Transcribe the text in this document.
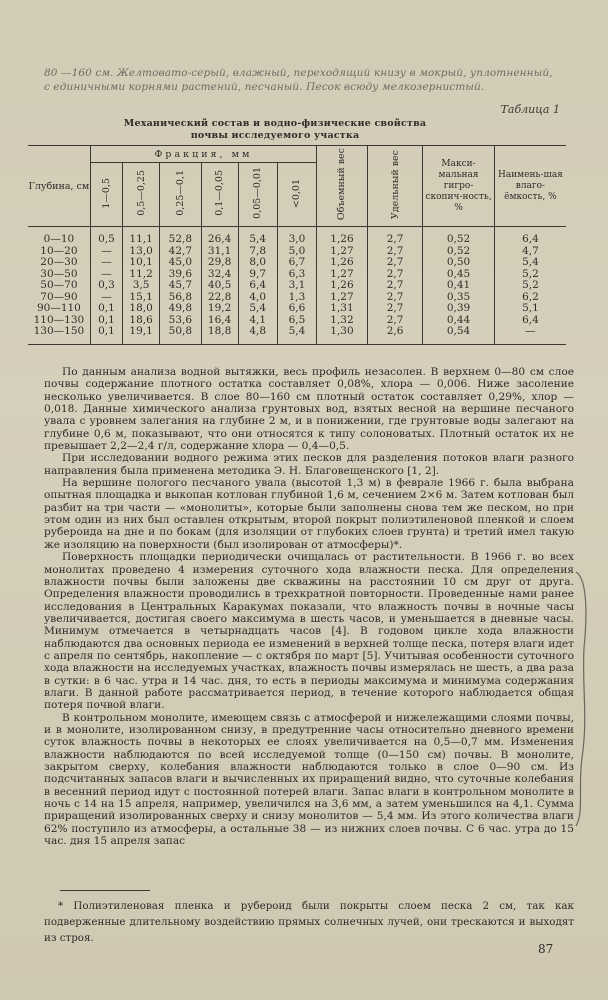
80 —160 см. Желтовато-серый, влажный, переходящий книзу в мокрый, уплотненный,
с единичными корнями растений, песчаный. Песок всюду мелкозернистый.
Таблица 1
Механический состав и водно-физические свойства почвы исследуемого участка
Глубина, см	Фракция, мм						Объемный вес	Удельный вес	Макси-мальная гигро-скопич-ность, %	Наимень-шая влаго-ёмкость, %
	1—0,5	0,5—0,25	0,25—0,1	0,1—0,05	0,05—0,01	<0,01				
0—10	0,5	11,1	52,8	26,4	5,4	3,0	1,26	2,7	0,52	6,4
10—20	—	13,0	42,7	31,1	7,8	5,0	1,27	2,7	0,52	4,7
20—30	—	10,1	45,0	29,8	8,0	6,7	1,26	2,7	0,50	5,4
30—50	—	11,2	39,6	32,4	9,7	6,3	1,27	2,7	0,45	5,2
50—70	0,3	3,5	45,7	40,5	6,4	3,1	1,26	2,7	0,41	5,2
70—90	—	15,1	56,8	22,8	4,0	1,3	1,27	2,7	0,35	6,2
90—110	0,1	18,0	49,8	19,2	5,4	6,6	1,31	2,7	0,39	5,1
110—130	0,1	18,6	53,6	16,4	4,1	6,5	1,32	2,7	0,44	6,4
130—150	0,1	19,1	50,8	18,8	4,8	5,4	1,30	2,6	0,54	—

По данным анализа водной вытяжки, весь профиль незасолен. В верхнем 0—80 см слое почвы содержание плотного остатка составляет 0,08%, хлора — 0,006. Ниже засоление несколько увеличивается. В слое 80—160 см плотный остаток составляет 0,29%, хлор — 0,018. Данные химического анализа грунтовых вод, взятых весной на вершине песчаного увала с уровнем залегания на глубине 2 м, и в понижении, где грунтовые воды залегают на глубине 0,6 м, показывают, что они относятся к типу солоноватых. Плотный остаток их не превышает 2,2—2,4 г/л, содержание хлора — 0,4—0,5.

При исследовании водного режима этих песков для разделения потоков влаги разного направления была применена методика Э. Н. Благовещенского [1, 2].

На вершине пологого песчаного увала (высотой 1,3 м) в феврале 1966 г. была выбрана опытная площадка и выкопан котлован глубиной 1,6 м, сечением 2×6 м. Затем котлован был разбит на три части — «монолиты», которые были заполнены снова тем же песком, но при этом один из них был оставлен открытым, второй покрыт полиэтиленовой пленкой и слоем рубероида на дне и по бокам (для изоляции от глубоких слоев грунта) и третий имел такую же изоляцию на поверхности (был изолирован от атмосферы)*.

Поверхность площадки периодически очищалась от растительности. В 1966 г. во всех монолитах проведено 4 измерения суточного хода влажности песка. Для определения влажности почвы были заложены две скважины на расстоянии 10 см друг от друга. Определения влажности проводились в трехкратной повторности. Проведенные нами ранее исследования в Центральных Каракумах показали, что влажность почвы в ночные часы увеличивается, достигая своего максимума в шесть часов, и уменьшается в дневные часы. Минимум отмечается в четырнадцать часов [4]. В годовом цикле хода влажности наблюдаются два основных периода ее изменений в верхней толще песка, потеря влаги идет с апреля по сентябрь, накопление — с октября по март [5]. Учитывая особенности суточного хода влажности на исследуемых участках, влажность почвы измерялась не шесть, а два раза в сутки: в 6 час. утра и 14 час. дня, то есть в периоды максимума и минимума содержания влаги. В данной работе рассматривается период, в течение которого наблюдается общая потеря почвой влаги.

В контрольном монолите, имеющем связь с атмосферой и нижележащими слоями почвы, и в монолите, изолированном снизу, в предутренние часы относительно дневного времени суток влажность почвы в некоторых ее слоях увеличивается на 0,5—0,7 мм. Изменения влажности наблюдаются по всей исследуемой толще (0—150 см) почвы. В монолите, закрытом сверху, колебания влажности наблюдаются только в слое 0—90 см. Из подсчитанных запасов влаги и вычисленных их приращений видно, что суточные колебания в весенний период идут с постоянной потерей влаги. Запас влаги в контрольном монолите в ночь с 14 на 15 апреля, например, увеличился на 3,6 мм, а затем уменьшился на 4,1. Сумма приращений изолированных сверху и снизу монолитов — 5,4 мм. Из этого количества влаги 62% поступило из атмосферы, а остальные 38 — из нижних слоев почвы. С 6 час. утра до 15 час. дня 15 апреля запас

* Полиэтиленовая пленка и рубероид были покрыты слоем песка 2 см, так как подверженные длительному воздействию прямых солнечных лучей, они трескаются и выходят из строя.
87
